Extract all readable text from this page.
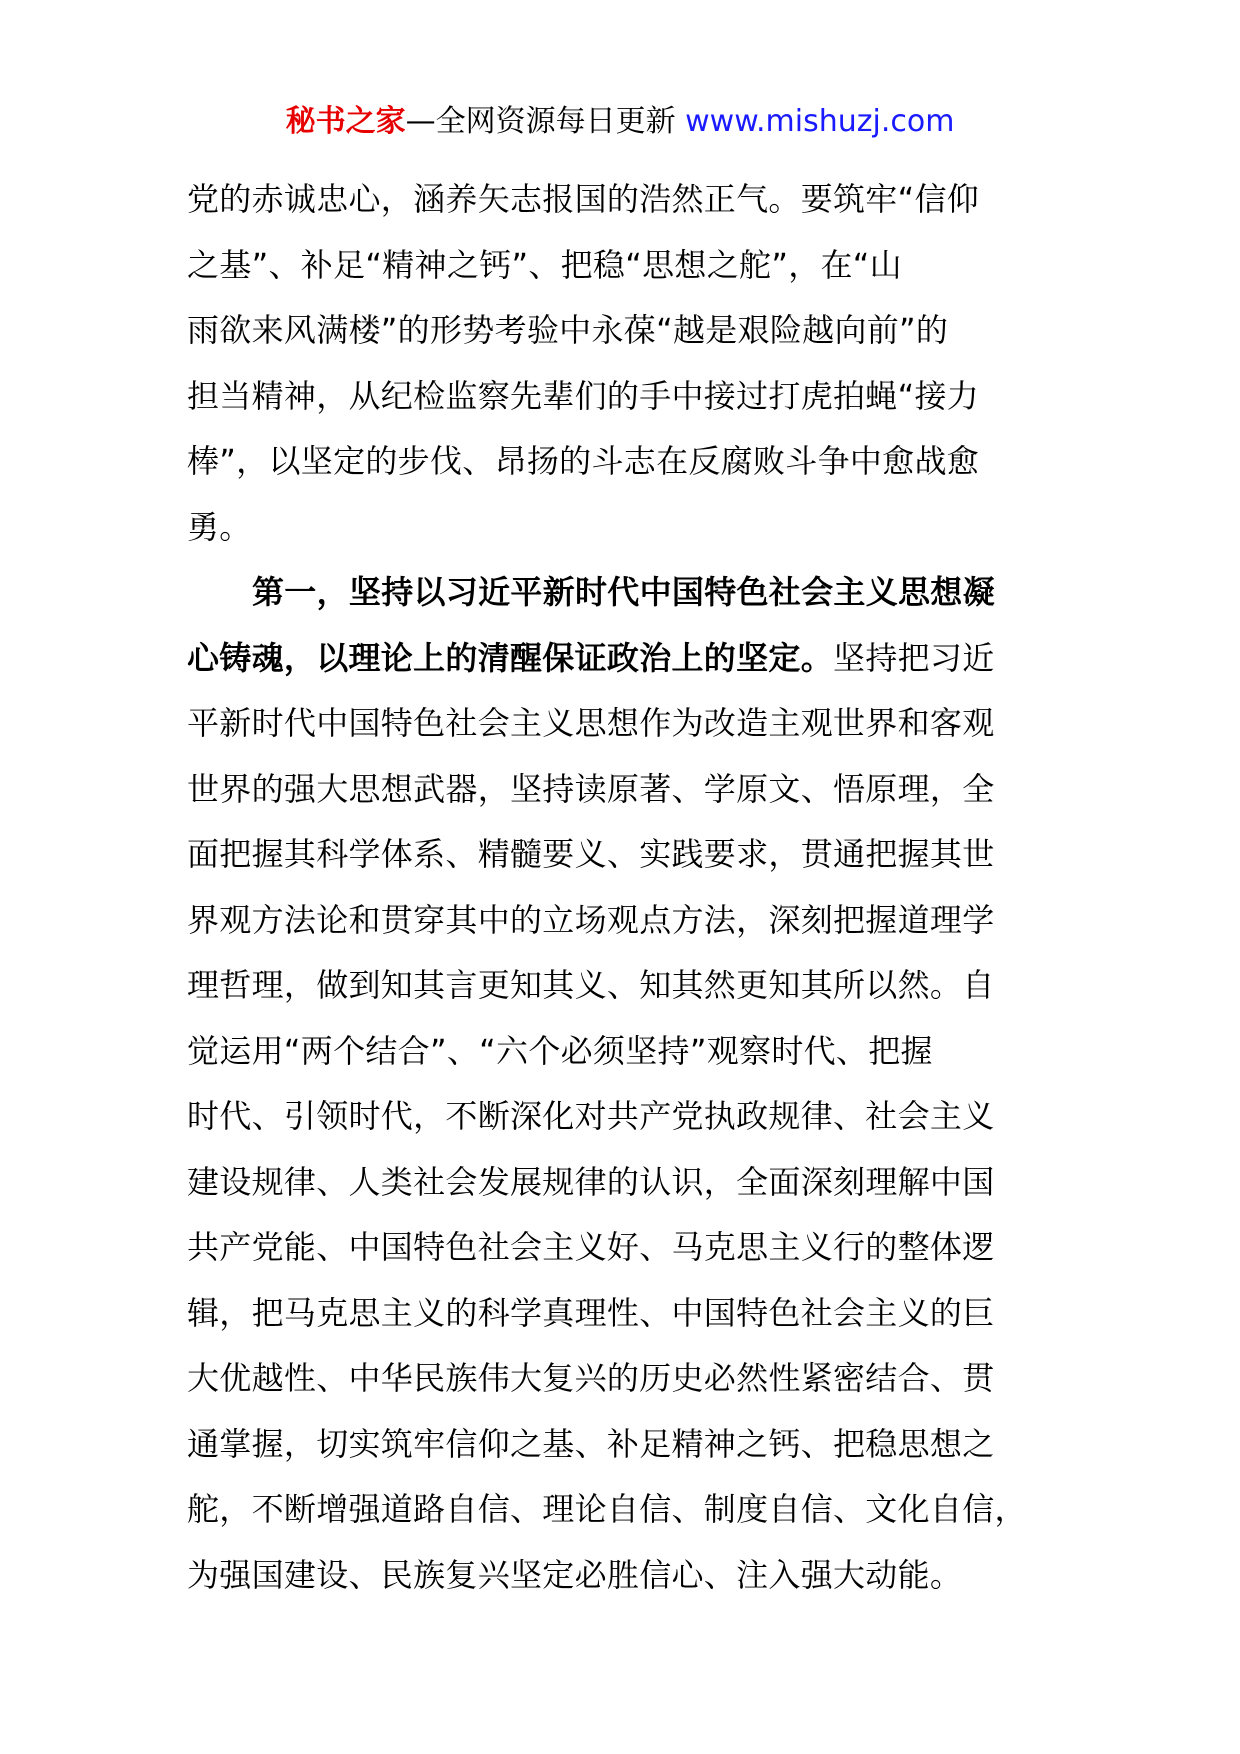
秘书之家—全网资源每日更新 www.mishuzj.com
党的赤诚忠心，涵养矢志报国的浩然正气。要筑牢“信仰
之基”、补足“精神之钙”、把稳“思想之舵”，在“山
雨欲来风满楼”的形势考验中永葆“越是艰险越向前”的
担当精神，从纪检监察先辈们的手中接过打虎拍蝇“接力
棒”，以坚定的步伐、昂扬的斗志在反腐败斗争中愈战愈
勇。
第一，坚持以习近平新时代中国特色社会主义思想凝
心铸魂，以理论上的清醒保证政治上的坚定。坚持把习近
平新时代中国特色社会主义思想作为改造主观世界和客观
世界的强大思想武器，坚持读原著、学原文、悟原理，全
面把握其科学体系、精髓要义、实践要求，贯通把握其世
界观方法论和贯穿其中的立场观点方法，深刻把握道理学
理哲理，做到知其言更知其义、知其然更知其所以然。自
觉运用“两个结合”、“六个必须坚持”观察时代、把握
时代、引领时代，不断深化对共产党执政规律、社会主义
建设规律、人类社会发展规律的认识，全面深刻理解中国
共产党能、中国特色社会主义好、马克思主义行的整体逻
辑，把马克思主义的科学真理性、中国特色社会主义的巨
大优越性、中华民族伟大复兴的历史必然性紧密结合、贯
通掌握，切实筑牢信仰之基、补足精神之钙、把稳思想之
舵，不断增强道路自信、理论自信、制度自信、文化自信，
为强国建设、民族复兴坚定必胜信心、注入强大动能。
